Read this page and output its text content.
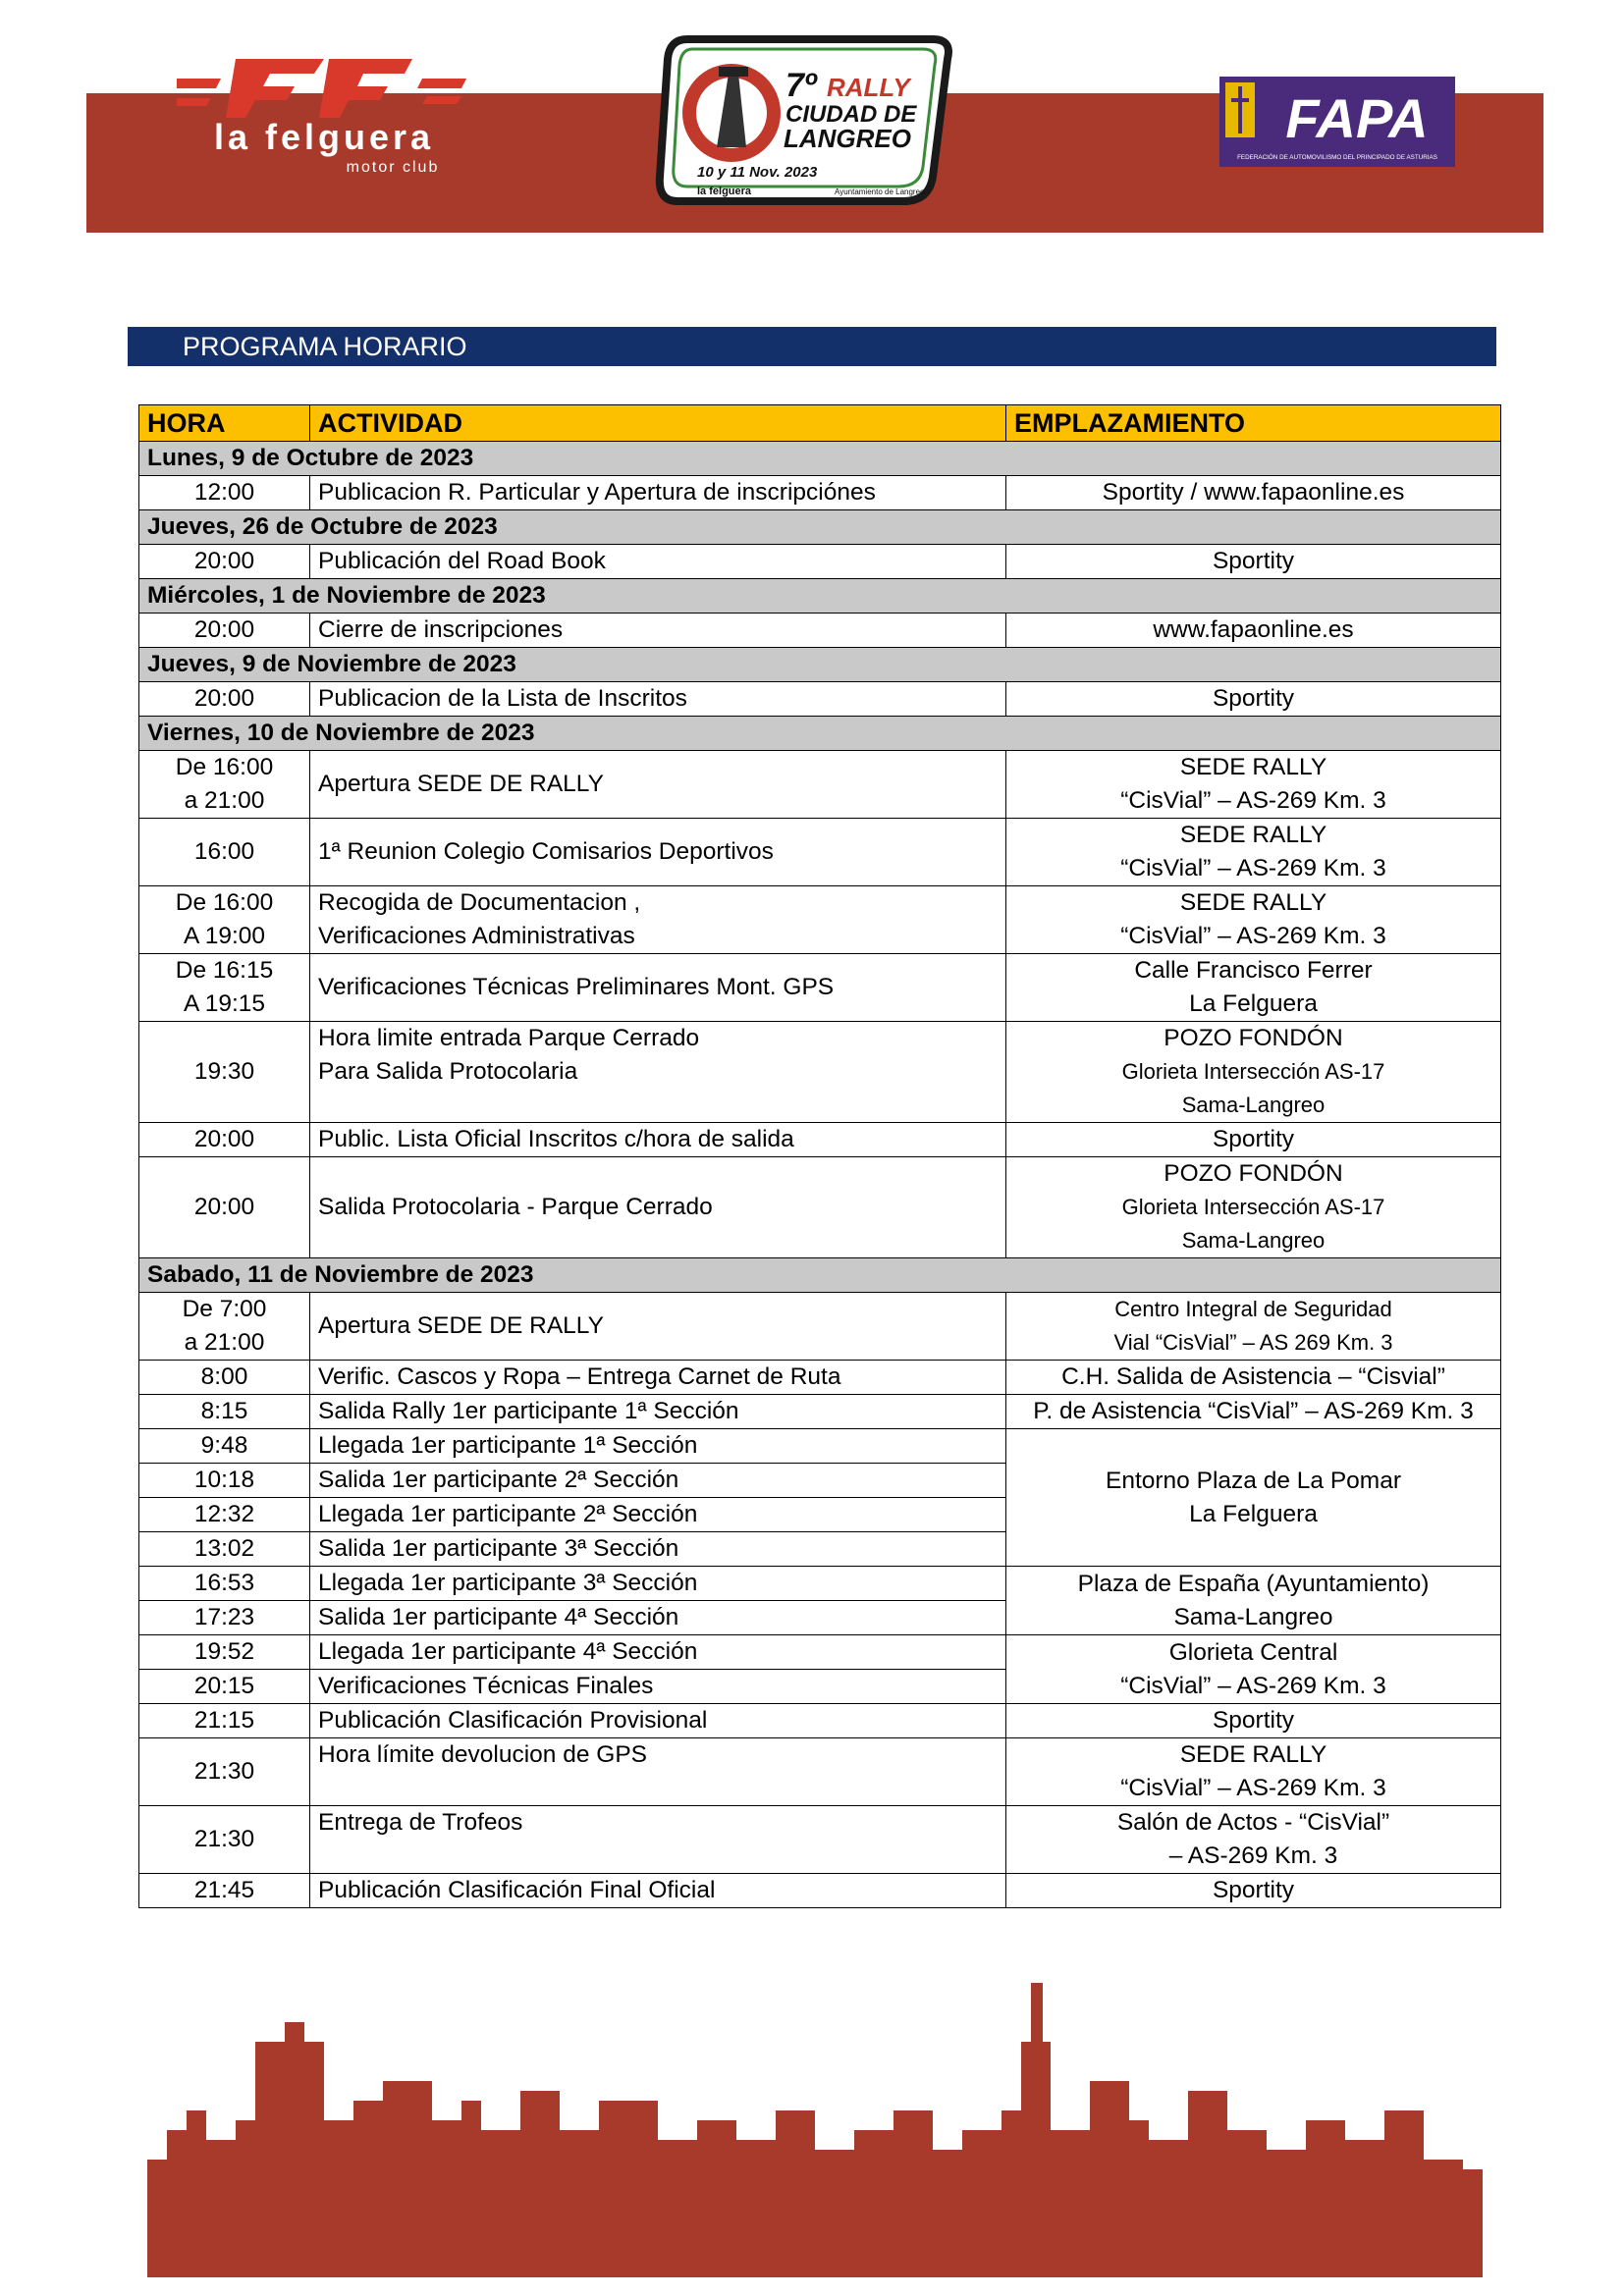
la felguera
motor club
7º RALLY
CIUDAD DE
LANGREO
10 y 11 Nov. 2023
la felguera	Ayuntamiento de Langreo
FAPA
FEDERACIÓN DE AUTOMOVILISMO DEL PRINCIPADO DE ASTURIAS
PROGRAMA HORARIO
HORA	ACTIVIDAD	EMPLAZAMIENTO
Lunes, 9 de Octubre de 2023		
12:00	Publicacion R. Particular y Apertura de inscripciónes	Sportity / www.fapaonline.es
Jueves, 26 de Octubre de 2023		
20:00	Publicación del Road Book	Sportity
Miércoles, 1 de Noviembre de 2023		
20:00	Cierre de inscripciones	www.fapaonline.es
Jueves, 9 de Noviembre de 2023		
20:00	Publicacion de la Lista de Inscritos	Sportity
Viernes, 10 de Noviembre de 2023		
De 16:00
a 21:00	Apertura SEDE DE RALLY	SEDE RALLY
“CisVial” – AS-269 Km. 3
16:00	1ª Reunion Colegio Comisarios Deportivos	SEDE RALLY
“CisVial” – AS-269 Km. 3
De 16:00
A 19:00	Recogida de Documentacion ,
Verificaciones Administrativas	SEDE RALLY
“CisVial” – AS-269 Km. 3
De 16:15
A 19:15	Verificaciones Técnicas Preliminares Mont. GPS	Calle Francisco Ferrer
La Felguera
19:30	Hora limite entrada Parque Cerrado
Para Salida Protocolaria	POZO FONDÓN
Glorieta Intersección AS-17
Sama-Langreo
20:00	Public. Lista Oficial Inscritos c/hora de salida	Sportity
20:00	Salida Protocolaria - Parque Cerrado	POZO FONDÓN
Glorieta Intersección AS-17
Sama-Langreo
Sabado, 11 de Noviembre de 2023		
De 7:00
a 21:00	Apertura SEDE DE RALLY	Centro Integral de Seguridad
Vial “CisVial” – AS 269 Km. 3
8:00	Verific. Cascos y Ropa – Entrega Carnet de Ruta	C.H. Salida de Asistencia – “Cisvial”
8:15	Salida Rally 1er participante 1ª Sección	P. de Asistencia “CisVial” – AS-269 Km. 3
9:48	Llegada 1er participante 1ª Sección	Entorno Plaza de La Pomar
La Felguera
10:18	Salida 1er participante 2ª Sección	
12:32	Llegada 1er participante 2ª Sección	
13:02	Salida 1er participante 3ª Sección	
16:53	Llegada 1er participante 3ª Sección	Plaza de España (Ayuntamiento)
Sama-Langreo
17:23	Salida 1er participante 4ª Sección	
19:52	Llegada 1er participante 4ª Sección	Glorieta Central
“CisVial” – AS-269 Km. 3
20:15	Verificaciones Técnicas Finales	
21:15	Publicación Clasificación Provisional	Sportity
21:30	Hora límite devolucion de GPS	SEDE RALLY
“CisVial” – AS-269 Km. 3
21:30	Entrega de Trofeos	Salón de Actos - “CisVial”
– AS-269 Km. 3
21:45	Publicación Clasificación Final Oficial	Sportity
